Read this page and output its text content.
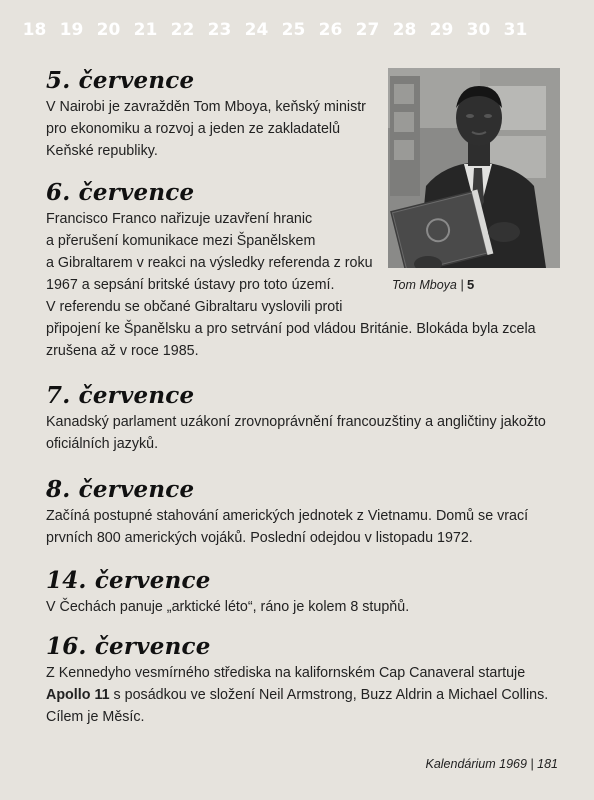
18 19 20 21 22 23 24 25 26 27 28 29 30 31
5. července
V Nairobi je zavražděn Tom Mboya, keňský ministr
pro ekonomiku a rozvoj a jeden ze zakladatelů
Keňské republiky.
6. července
Francisco Franco nařizuje uzavření hranic
a přerušení komunikace mezi Španělskem
a Gibraltarem v reakci na výsledky referenda z roku
1967 a sepsání britské ústavy pro toto území.
V referendu se občané Gibraltaru vyslovili proti
připojení ke Španělsku a pro setrvání pod vládou Británie. Blokáda byla zcela
zrušena až v roce 1985.
7. července
Kanadský parlament uzákoní zrovnoprávnění francouzštiny a angličtiny jakožto
oficiálních jazyků.
8. července
Začíná postupné stahování amerických jednotek z Vietnamu. Domů se vrací
prvních 800 amerických vojáků. Poslední odejdou v listopadu 1972.
14. července
V Čechách panuje „arktické léto“, ráno je kolem 8 stupňů.
16. července
Z Kennedyho vesmírného střediska na kalifornském Cap Canaveral startuje
Apollo 11 s posádkou ve složení Neil Armstrong, Buzz Aldrin a Michael Collins.
Cílem je Měsíc.
Tom Mboya | 5
Kalendárium 1969 | 181
